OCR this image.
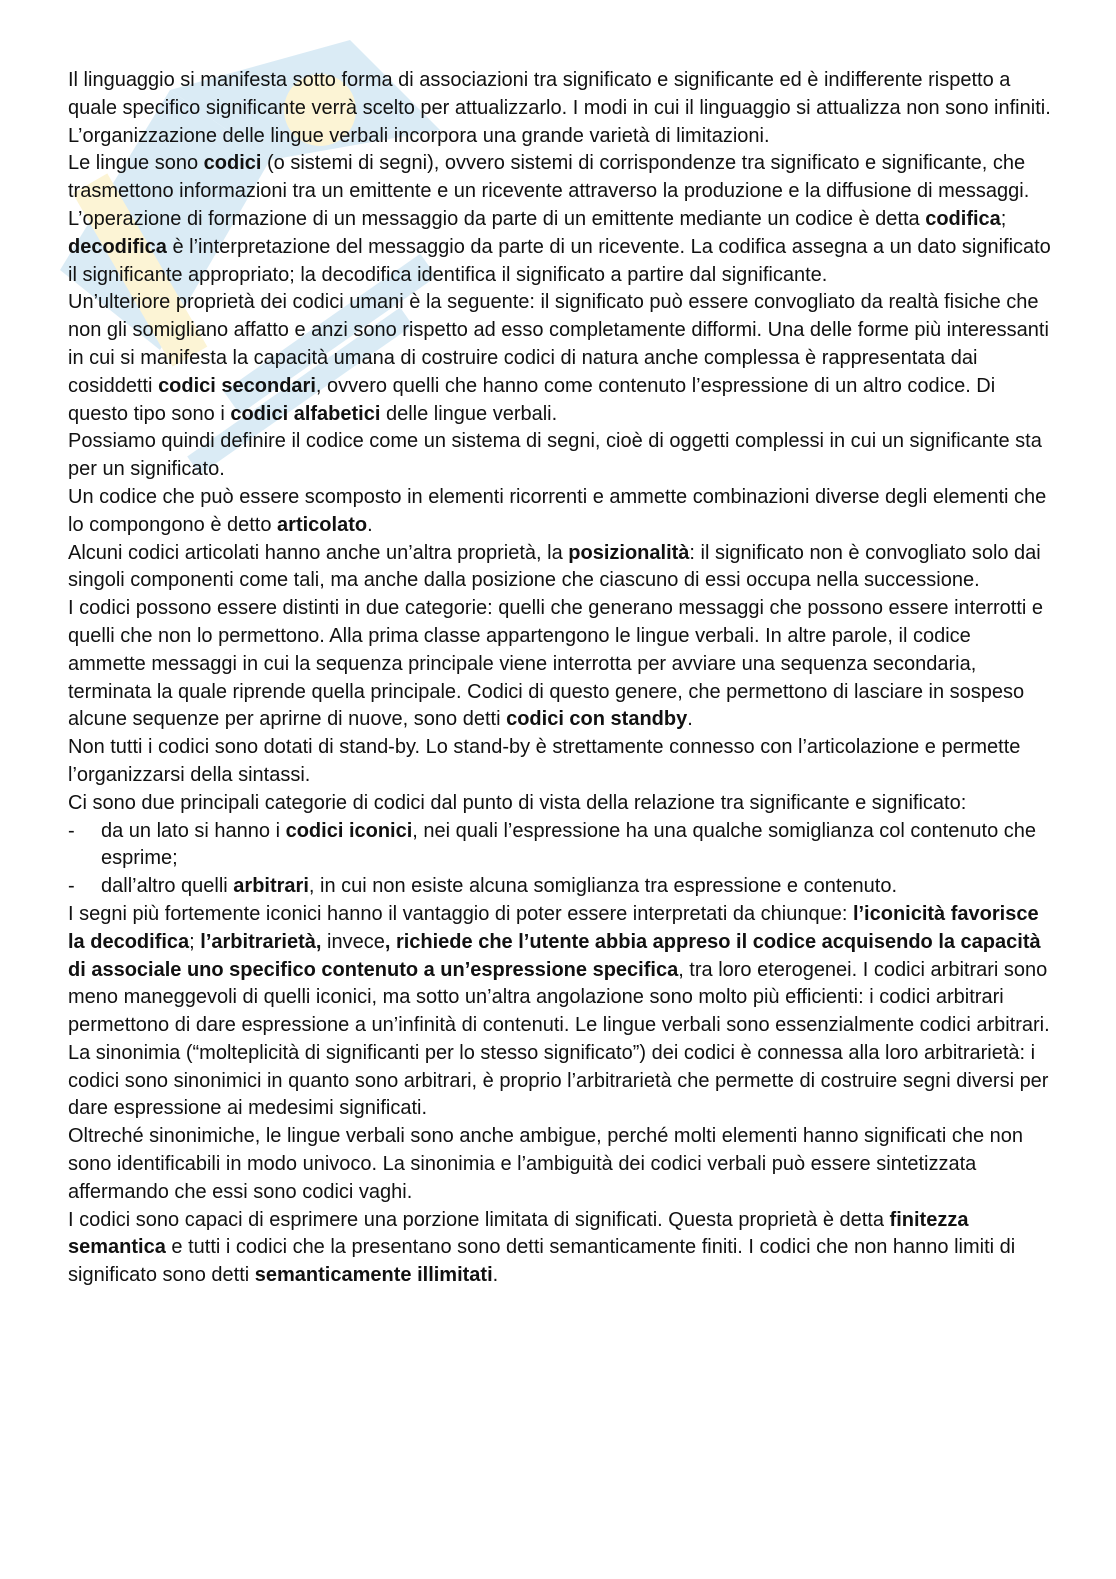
Il linguaggio si manifesta sotto forma di associazioni tra significato e significante ed è indifferente rispetto a quale specifico significante verrà scelto per attualizzarlo. I modi in cui il linguaggio si attualizza non sono infiniti. L’organizzazione delle lingue verbali incorpora una grande varietà di limitazioni.

Le lingue sono codici (o sistemi di segni), ovvero sistemi di corrispondenze tra significato e significante, che trasmettono informazioni tra un emittente e un ricevente attraverso la produzione e la diffusione di messaggi. L’operazione di formazione di un messaggio da parte di un emittente mediante un codice è detta codifica; decodifica è l’interpretazione del messaggio da parte di un ricevente. La codifica assegna a un dato significato il significante appropriato; la decodifica identifica il significato a partire dal significante.

Un’ulteriore proprietà dei codici umani è la seguente: il significato può essere convogliato da realtà fisiche che non gli somigliano affatto e anzi sono rispetto ad esso completamente difformi. Una delle forme più interessanti in cui si manifesta la capacità umana di costruire codici di natura anche complessa è rappresentata dai cosiddetti codici secondari, ovvero quelli che hanno come contenuto l’espressione di un altro codice. Di questo tipo sono i codici alfabetici delle lingue verbali.

Possiamo quindi definire il codice come un sistema di segni, cioè di oggetti complessi in cui un significante sta per un significato.

Un codice che può essere scomposto in elementi ricorrenti e ammette combinazioni diverse degli elementi che lo compongono è detto articolato.

Alcuni codici articolati hanno anche un’altra proprietà, la posizionalità: il significato non è convogliato solo dai singoli componenti come tali, ma anche dalla posizione che ciascuno di essi occupa nella successione.

I codici possono essere distinti in due categorie: quelli che generano messaggi che possono essere interrotti e quelli che non lo permettono. Alla prima classe appartengono le lingue verbali. In altre parole, il codice ammette messaggi in cui la sequenza principale viene interrotta per avviare una sequenza secondaria, terminata la quale riprende quella principale. Codici di questo genere, che permettono di lasciare in sospeso alcune sequenze per aprirne di nuove, sono detti codici con standby.

Non tutti i codici sono dotati di stand-by. Lo stand-by è strettamente connesso con l’articolazione e permette l’organizzarsi della sintassi.

Ci sono due principali categorie di codici dal punto di vista della relazione tra significante e significato:

- da un lato si hanno i codici iconici, nei quali l’espressione ha una qualche somiglianza col contenuto che esprime;
- dall’altro quelli arbitrari, in cui non esiste alcuna somiglianza tra espressione e contenuto.

I segni più fortemente iconici hanno il vantaggio di poter essere interpretati da chiunque: l’iconicità favorisce la decodifica; l’arbitrarietà, invece, richiede che l’utente abbia appreso il codice acquisendo la capacità di associale uno specifico contenuto a un’espressione specifica, tra loro eterogenei. I codici arbitrari sono meno maneggevoli di quelli iconici, ma sotto un’altra angolazione sono molto più efficienti: i codici arbitrari permettono di dare espressione a un’infinità di contenuti. Le lingue verbali sono essenzialmente codici arbitrari.

La sinonimia (“molteplicità di significanti per lo stesso significato”) dei codici è connessa alla loro arbitrarietà: i codici sono sinonimici in quanto sono arbitrari, è proprio l’arbitrarietà che permette di costruire segni diversi per dare espressione ai medesimi significati.

Oltreché sinonimiche, le lingue verbali sono anche ambigue, perché molti elementi hanno significati che non sono identificabili in modo univoco. La sinonimia e l’ambiguità dei codici verbali può essere sintetizzata affermando che essi sono codici vaghi.

I codici sono capaci di esprimere una porzione limitata di significati. Questa proprietà è detta finitezza semantica e tutti i codici che la presentano sono detti semanticamente finiti. I codici che non hanno limiti di significato sono detti semanticamente illimitati.
